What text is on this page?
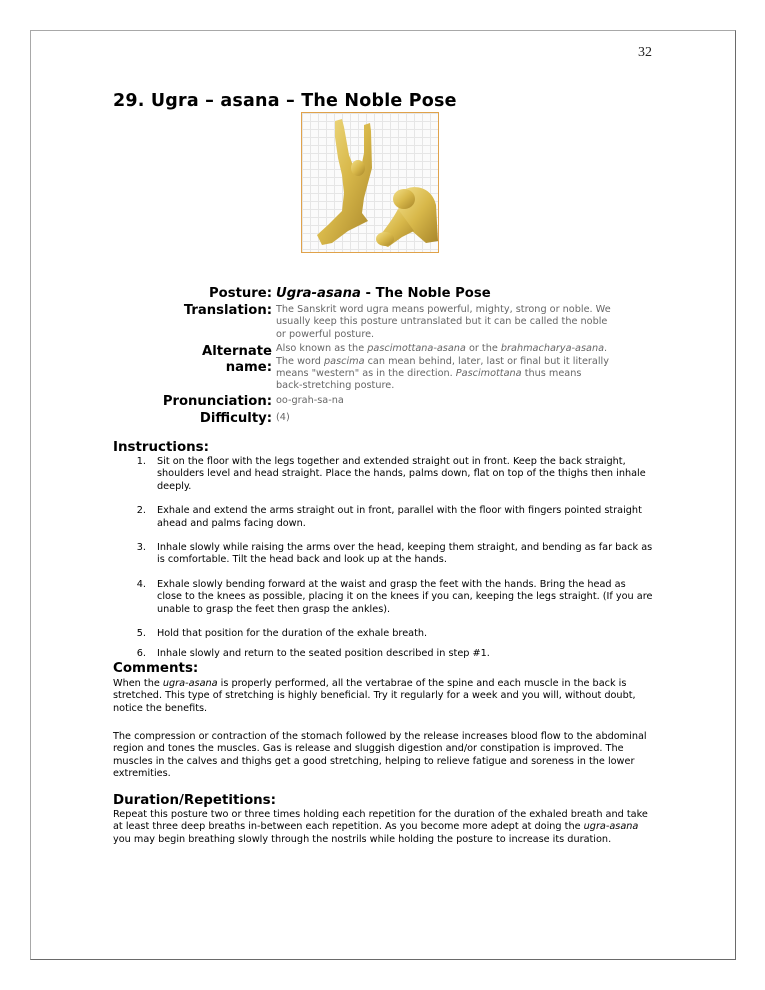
32
29. Ugra – asana – The Noble Pose
Posture: Ugra-asana - The Noble Pose
Translation: The Sanskrit word ugra means powerful, mighty, strong or noble. We usually keep this posture untranslated but it can be called the noble or powerful posture.
Alternate
name:
Also known as the pascimottana-asana or the brahmacharya-asana. The word pascima can mean behind, later, last or final but it literally means "western" as in the direction. Pascimottana thus means back-stretching posture.
Pronunciation: oo-grah-sa-na
Difficulty: (4)
Instructions:
1.	Sit on the floor with the legs together and extended straight out in front. Keep the back straight, shoulders level and head straight. Place the hands, palms down, flat on top of the thighs then inhale deeply.
2.	Exhale and extend the arms straight out in front, parallel with the floor with fingers pointed straight ahead and palms facing down.
3.	Inhale slowly while raising the arms over the head, keeping them straight, and bending as far back as is comfortable. Tilt the head back and look up at the hands.
4.	Exhale slowly bending forward at the waist and grasp the feet with the hands. Bring the head as close to the knees as possible, placing it on the knees if you can, keeping the legs straight. (If you are unable to grasp the feet then grasp the ankles).
5.	Hold that position for the duration of the exhale breath.
6.	Inhale slowly and return to the seated position described in step #1.
Comments:
When the ugra-asana is properly performed, all the vertabrae of the spine and each muscle in the back is stretched. This type of stretching is highly beneficial. Try it regularly for a week and you will, without doubt, notice the benefits.
The compression or contraction of the stomach followed by the release increases blood flow to the abdominal region and tones the muscles. Gas is release and sluggish digestion and/or constipation is improved. The muscles in the calves and thighs get a good stretching, helping to relieve fatigue and soreness in the lower extremities.
Duration/Repetitions:
Repeat this posture two or three times holding each repetition for the duration of the exhaled breath and take at least three deep breaths in-between each repetition. As you become more adept at doing the ugra-asana you may begin breathing slowly through the nostrils while holding the posture to increase its duration.
